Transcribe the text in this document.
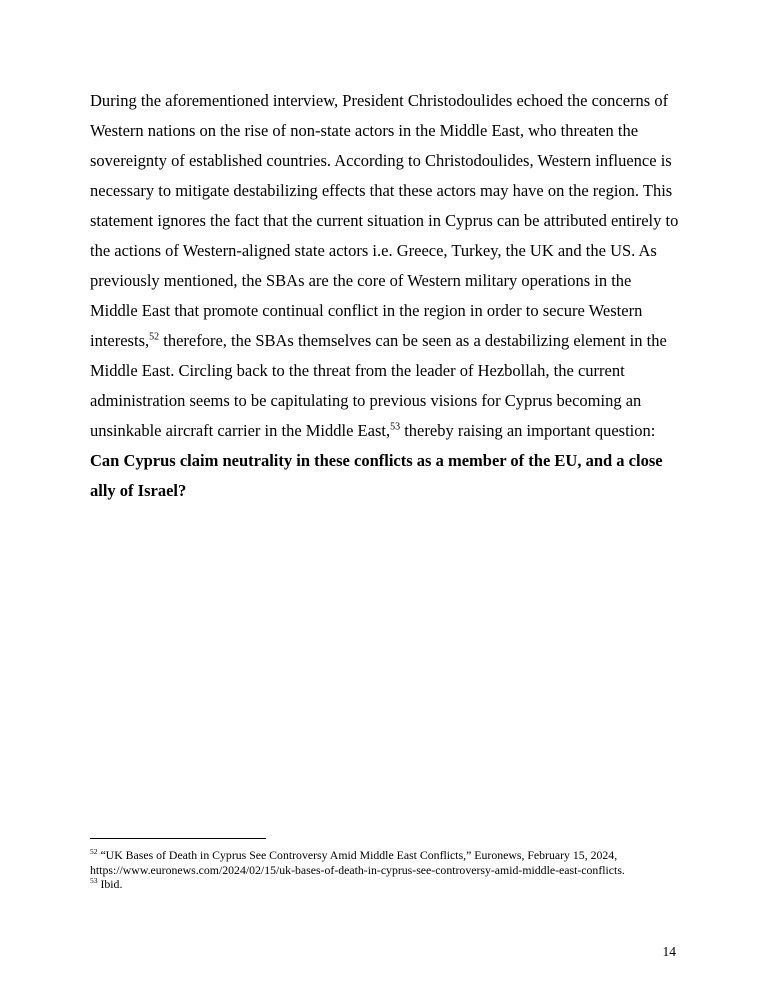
During the aforementioned interview, President Christodoulides echoed the concerns of Western nations on the rise of non-state actors in the Middle East, who threaten the sovereignty of established countries. According to Christodoulides, Western influence is necessary to mitigate destabilizing effects that these actors may have on the region. This statement ignores the fact that the current situation in Cyprus can be attributed entirely to the actions of Western-aligned state actors i.e. Greece, Turkey, the UK and the US. As previously mentioned, the SBAs are the core of Western military operations in the Middle East that promote continual conflict in the region in order to secure Western interests,$^{52}$ therefore, the SBAs themselves can be seen as a destabilizing element in the Middle East. Circling back to the threat from the leader of Hezbollah, the current administration seems to be capitulating to previous visions for Cyprus becoming an unsinkable aircraft carrier in the Middle East,$^{53}$ thereby raising an important question: Can Cyprus claim neutrality in these conflicts as a member of the EU, and a close ally of Israel?
$^{52}$ “UK Bases of Death in Cyprus See Controversy Amid Middle East Conflicts,” Euronews, February 15, 2024, https://www.euronews.com/2024/02/15/uk-bases-of-death-in-cyprus-see-controversy-amid-middle-east-conflicts.
$^{53}$ Ibid.
14
